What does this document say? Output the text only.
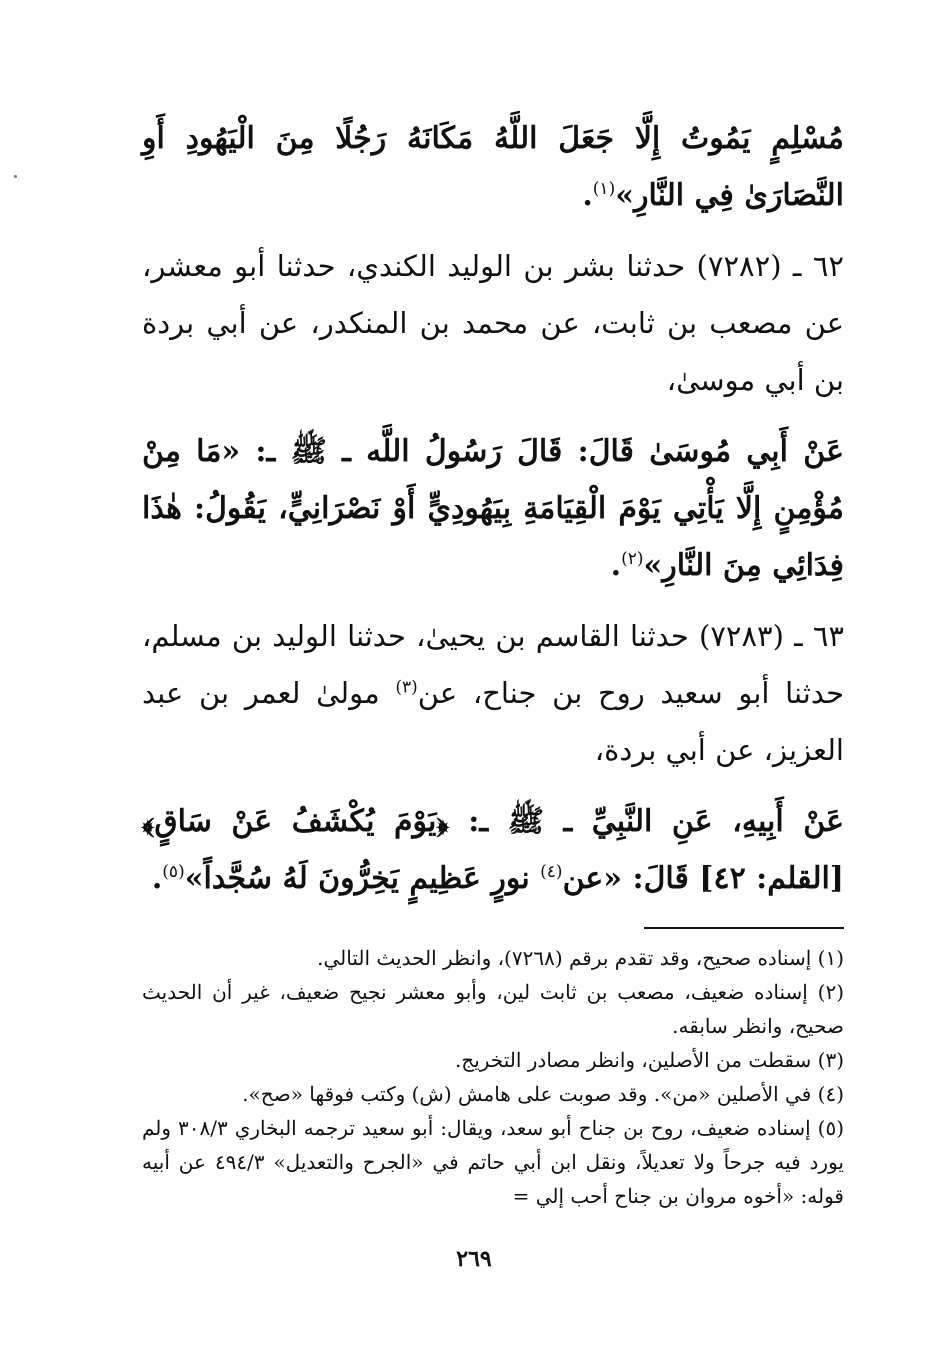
مُسْلِمٍ يَمُوتُ إِلَّا جَعَلَ اللَّهُ مَكَانَهُ رَجُلًا مِنَ الْيَهُودِ أَوِ النَّصَارَىٰ فِي النَّارِ»$^{(١)}$.

٦٢ ـ (٧٢٨٢) حدثنا بشر بن الوليد الكندي، حدثنا أبو معشر، عن مصعب بن ثابت، عن محمد بن المنكدر، عن أبي بردة بن أبي موسىٰ،

عَنْ أَبِي مُوسَىٰ قَالَ: قَالَ رَسُولُ اللَّه ـ ﷺ ـ: «مَا مِنْ مُؤْمِنٍ إِلَّا يَأْتِي يَوْمَ الْقِيَامَةِ بِيَهُودِيٍّ أَوْ نَصْرَانِيٍّ، يَقُولُ: هٰذَا فِدَائِي مِنَ النَّارِ»$^{(٢)}$.

٦٣ ـ (٧٢٨٣) حدثنا القاسم بن يحيىٰ، حدثنا الوليد بن مسلم، حدثنا أبو سعيد روح بن جناح، عن$^{(٣)}$ مولىٰ لعمر بن عبد العزيز، عن أبي بردة،

عَنْ أَبِيهِ، عَنِ النَّبِيِّ ـ ﷺ ـ: ﴿يَوْمَ يُكْشَفُ عَنْ سَاقٍ﴾ [القلم: ٤٢] قَالَ: «عن$^{(٤)}$ نورٍ عَظِيمٍ يَخِرُّونَ لَهُ سُجَّداً»$^{(٥)}$.

(١) إسناده صحيح، وقد تقدم برقم (٧٢٦٨)، وانظر الحديث التالي.

(٢) إسناده ضعيف، مصعب بن ثابت لين، وأبو معشر نجيح ضعيف، غير أن الحديث صحيح، وانظر سابقه.

(٣) سقطت من الأصلين، وانظر مصادر التخريج.

(٤) في الأصلين «من». وقد صوبت على هامش (ش) وكتب فوقها «صح».

(٥) إسناده ضعيف، روح بن جناح أبو سعد، ويقال: أبو سعيد ترجمه البخاري ٣٠٨/٣ ولم يورد فيه جرحاً ولا تعديلاً، ونقل ابن أبي حاتم في «الجرح والتعديل» ٤٩٤/٣ عن أبيه قوله: «أخوه مروان بن جناح أحب إلي =

٢٦٩
